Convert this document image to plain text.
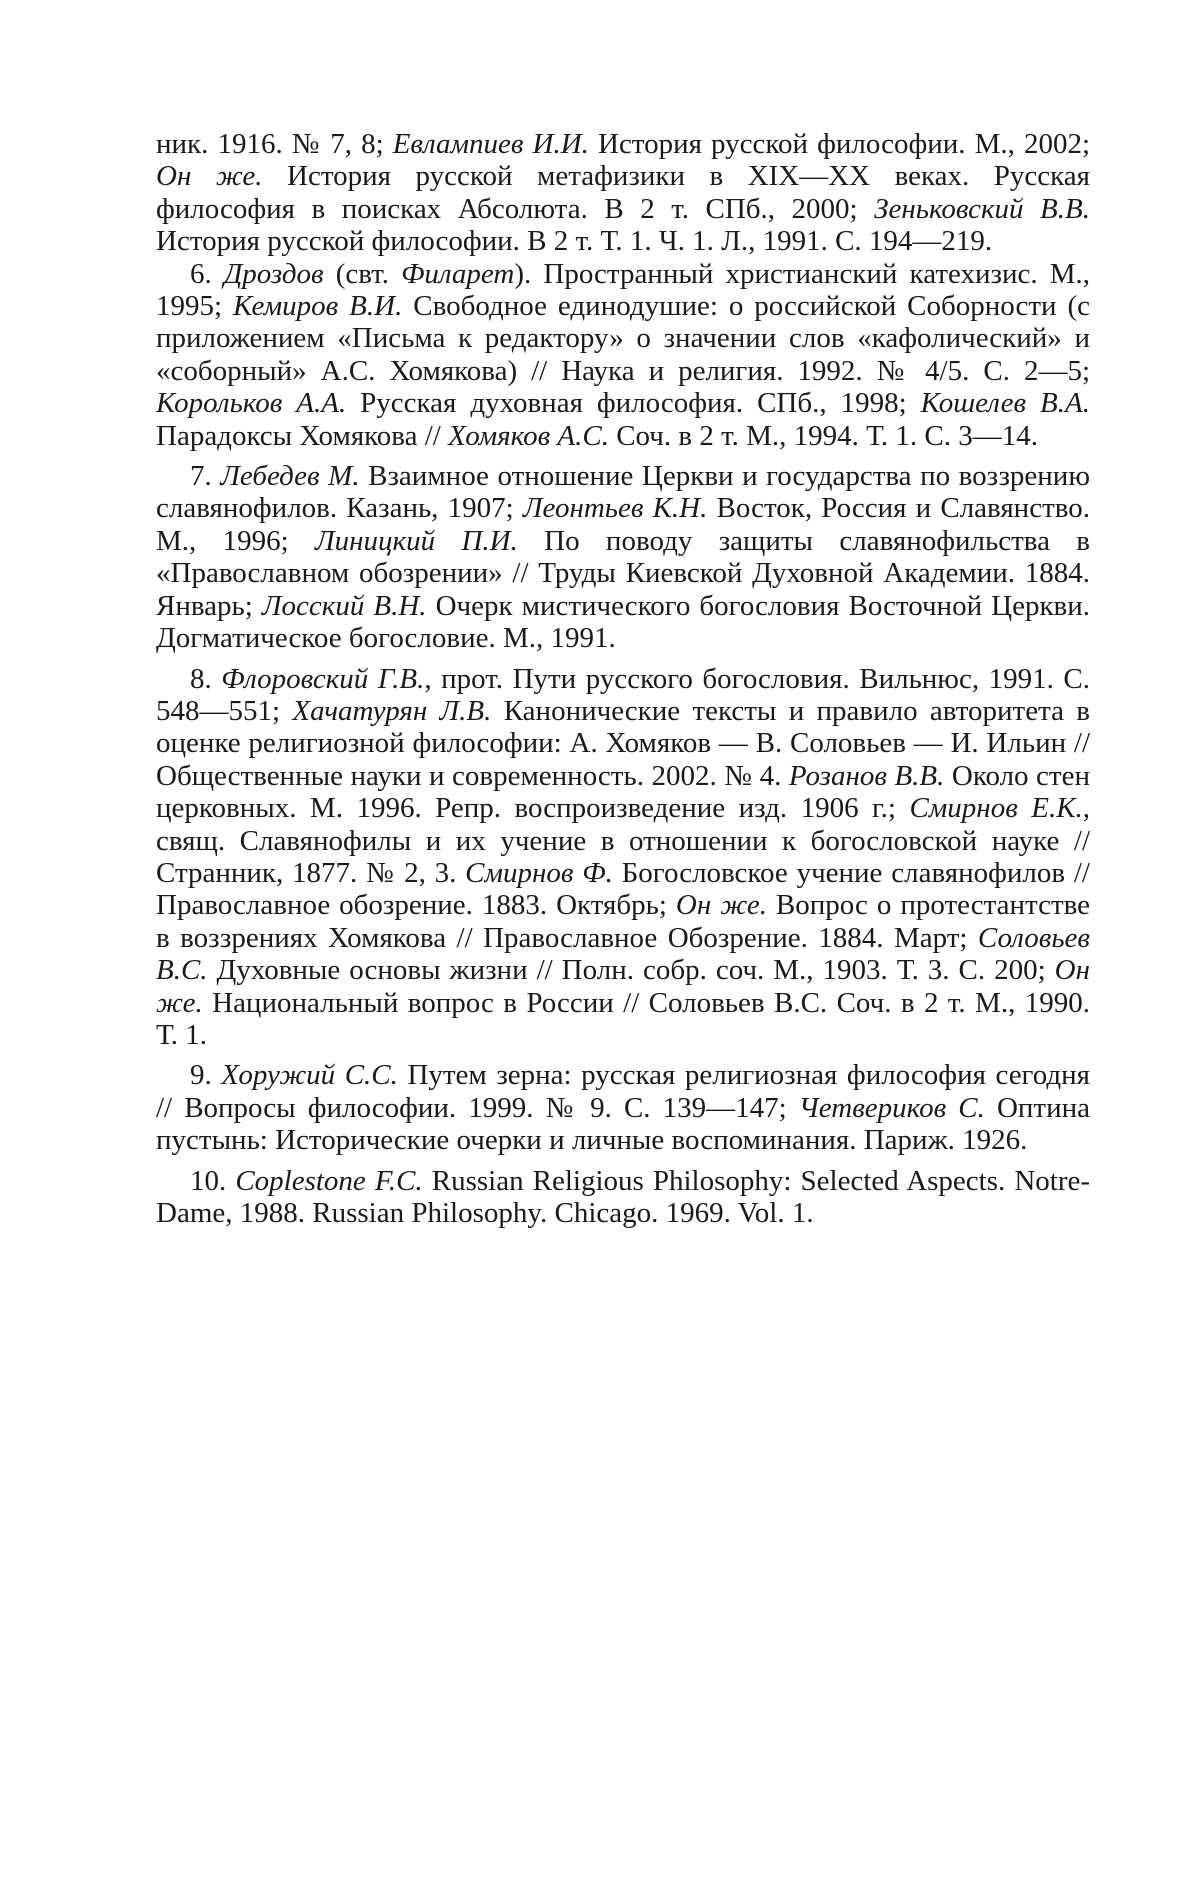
ник. 1916. № 7, 8; Евлампиев И.И. История русской философии. М., 2002; Он же. История русской метафизики в XIX—XX веках. Русская философия в поисках Абсолюта. В 2 т. СПб., 2000; Зеньковский В.В. История русской философии. В 2 т. Т. 1. Ч. 1. Л., 1991. С. 194—219.

6. Дроздов (свт. Филарет). Пространный христианский катехизис. М., 1995; Кемиров В.И. Свободное единодушие: о российской Соборности (с приложением «Письма к редактору» о значении слов «кафолический» и «соборный» А.С. Хомякова) // Наука и религия. 1992. № 4/5. С. 2—5; Корольков А.А. Русская духовная философия. СПб., 1998; Кошелев В.А. Парадоксы Хомякова // Хомяков А.С. Соч. в 2 т. М., 1994. Т. 1. С. 3—14.

7. Лебедев М. Взаимное отношение Церкви и государства по воззрению славянофилов. Казань, 1907; Леонтьев К.Н. Восток, Россия и Славянство. М., 1996; Линицкий П.И. По поводу защиты славянофильства в «Православном обозрении» // Труды Киевской Духовной Академии. 1884. Январь; Лосский В.Н. Очерк мистического богословия Восточной Церкви. Догматическое богословие. М., 1991.

8. Флоровский Г.В., прот. Пути русского богословия. Вильнюс, 1991. С. 548—551; Хачатурян Л.В. Канонические тексты и правило авторитета в оценке религиозной философии: А. Хомяков — В. Соловьев — И. Ильин // Общественные науки и современность. 2002. № 4. Розанов В.В. Около стен церковных. М. 1996. Репр. воспроизведение изд. 1906 г.; Смирнов Е.К., свящ. Славянофилы и их учение в отношении к богословской науке // Странник, 1877. № 2, 3. Смирнов Ф. Богословское учение славянофилов // Православное обозрение. 1883. Октябрь; Он же. Вопрос о протестантстве в воззрениях Хомякова // Православное Обозрение. 1884. Март; Соловьев В.С. Духовные основы жизни // Полн. собр. соч. М., 1903. Т. 3. С. 200; Он же. Национальный вопрос в России // Соловьев В.С. Соч. в 2 т. М., 1990. Т. 1.

9. Хоружий С.С. Путем зерна: русская религиозная философия сегодня // Вопросы философии. 1999. № 9. С. 139—147; Четвериков С. Оптина пустынь: Исторические очерки и личные воспоминания. Париж. 1926.

10. Coplestone F.C. Russian Religious Philosophy: Selected Aspects. Notre-Dame, 1988. Russian Philosophy. Chicago. 1969. Vol. 1.
